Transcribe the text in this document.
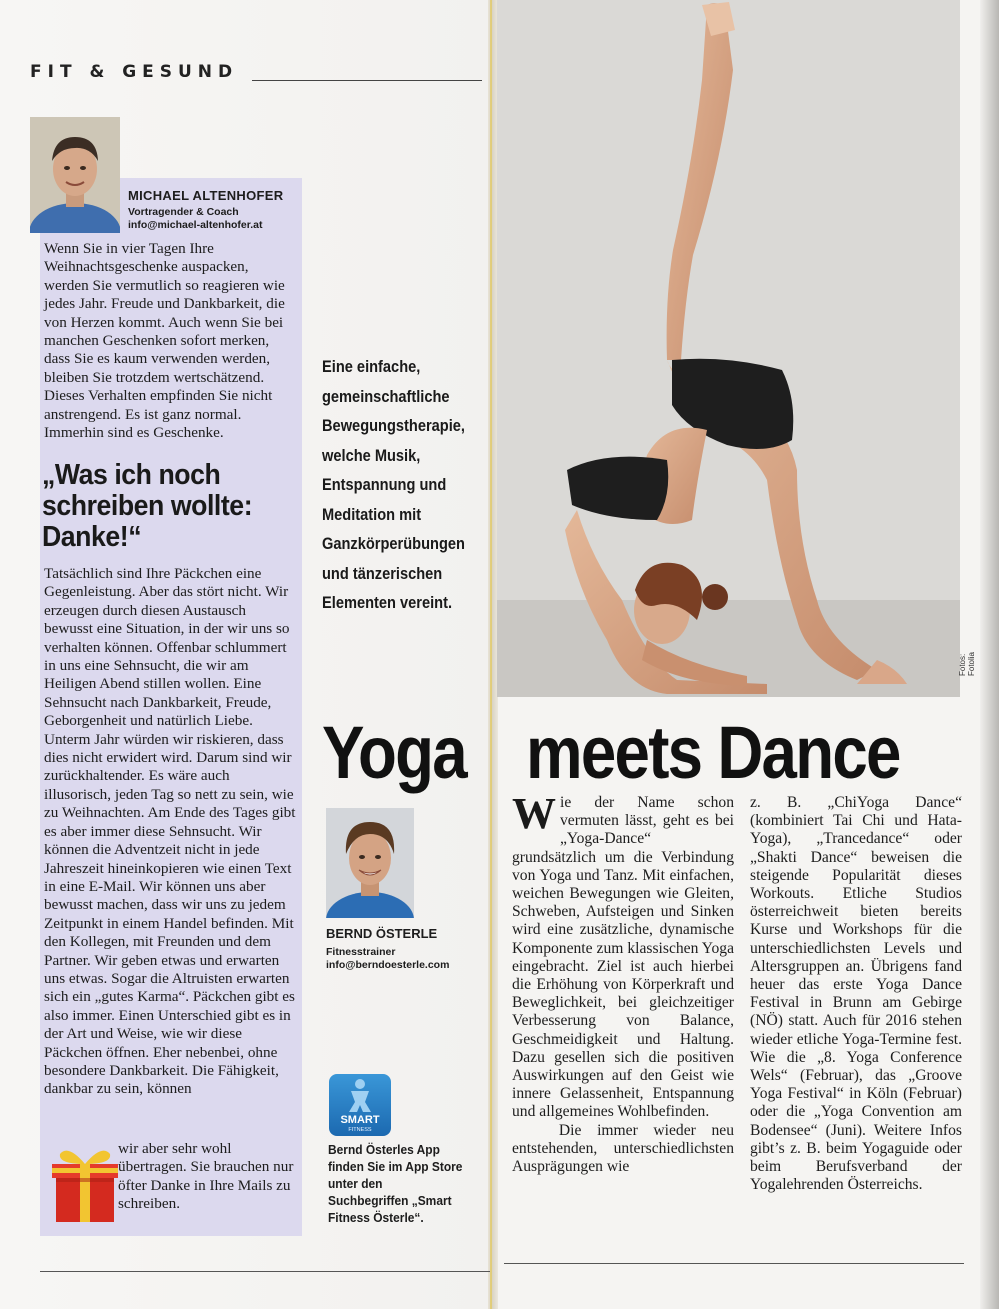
FIT & GESUND
MICHAEL ALTENHOFER
Vortragender & Coach
info@michael-altenhofer.at

Wenn Sie in vier Tagen Ihre Weihnachtsgeschenke auspacken, werden Sie vermutlich so reagieren wie jedes Jahr. Freude und Dankbarkeit, die von Herzen kommt. Auch wenn Sie bei manchen Geschenken sofort merken, dass Sie es kaum verwenden werden, bleiben Sie trotzdem wertschätzend. Dieses Verhalten empfinden Sie nicht anstrengend. Es ist ganz normal. Immerhin sind es Geschenke.

„Was ich noch schreiben wollte: Danke!“

Tatsächlich sind Ihre Päckchen eine Gegenleistung. Aber das stört nicht. Wir erzeugen durch diesen Austausch bewusst eine Situation, in der wir uns so verhalten können. Offenbar schlummert in uns eine Sehnsucht, die wir am Heiligen Abend stillen wollen. Eine Sehnsucht nach Dankbarkeit, Freude, Geborgenheit und natürlich Liebe. Unterm Jahr würden wir riskieren, dass dies nicht erwidert wird. Darum sind wir zurückhaltender. Es wäre auch illusorisch, jeden Tag so nett zu sein, wie zu Weihnachten. Am Ende des Tages gibt es aber immer diese Sehnsucht. Wir können die Adventzeit nicht in jede Jahreszeit hineinkopieren wie einen Text in eine E-Mail. Wir können uns aber bewusst machen, dass wir uns zu jedem Zeitpunkt in einem Handel befinden. Mit den Kollegen, mit Freunden und dem Partner. Wir geben etwas und erwarten uns etwas. Sogar die Altruisten erwarten sich ein „gutes Karma“. Päckchen gibt es also immer. Einen Unterschied gibt es in der Art und Weise, wie wir diese Päckchen öffnen. Eher nebenbei, ohne besondere Dankbarkeit. Die Fähigkeit, dankbar zu sein, können

wir aber sehr wohl übertragen. Sie brauchen nur öfter Danke in Ihre Mails zu schreiben.

Eine einfache, gemeinschaftliche Bewegungstherapie, welche Musik, Entspannung und Meditation mit Ganzkörperübungen und tänzerischen Elementen vereint.
Fotos: Fotolia
Yoga meets Dance
BERND ÖSTERLE
Fitnesstrainer
info@berndoesterle.com
SMART
FITNESS
Bernd Österles App finden Sie im App Store unter den Suchbegriffen „Smart Fitness Österle“.

Wie der Name schon vermuten lässt, geht es bei „Yoga-Dance“ grundsätzlich um die Verbindung von Yoga und Tanz. Mit einfachen, weichen Bewegungen wie Gleiten, Schweben, Aufsteigen und Sinken wird eine zusätzliche, dynamische Komponente zum klassischen Yoga eingebracht. Ziel ist auch hierbei die Erhöhung von Körperkraft und Beweglichkeit, bei gleichzeitiger Verbesserung von Balance, Geschmeidigkeit und Haltung. Dazu gesellen sich die positiven Auswirkungen auf den Geist wie innere Gelassenheit, Entspannung und allgemeines Wohlbefinden.
Die immer wieder neu entstehenden, unterschiedlichsten Ausprägungen wie

z. B. „ChiYoga Dance“ (kombiniert Tai Chi und Hata-Yoga), „Trancedance“ oder „Shakti Dance“ beweisen die steigende Popularität dieses Workouts. Etliche Studios österreichweit bieten bereits Kurse und Workshops für die unterschiedlichsten Levels und Altersgruppen an. Übrigens fand heuer das erste Yoga Dance Festival in Brunn am Gebirge (NÖ) statt. Auch für 2016 stehen wieder etliche Yoga-Termine fest. Wie die „8. Yoga Conference Wels“ (Februar), das „Groove Yoga Festival“ in Köln (Februar) oder die „Yoga Convention am Bodensee“ (Juni). Weitere Infos gibt’s z. B. beim Yogaguide oder beim Berufsverband der Yogalehrenden Österreichs.
